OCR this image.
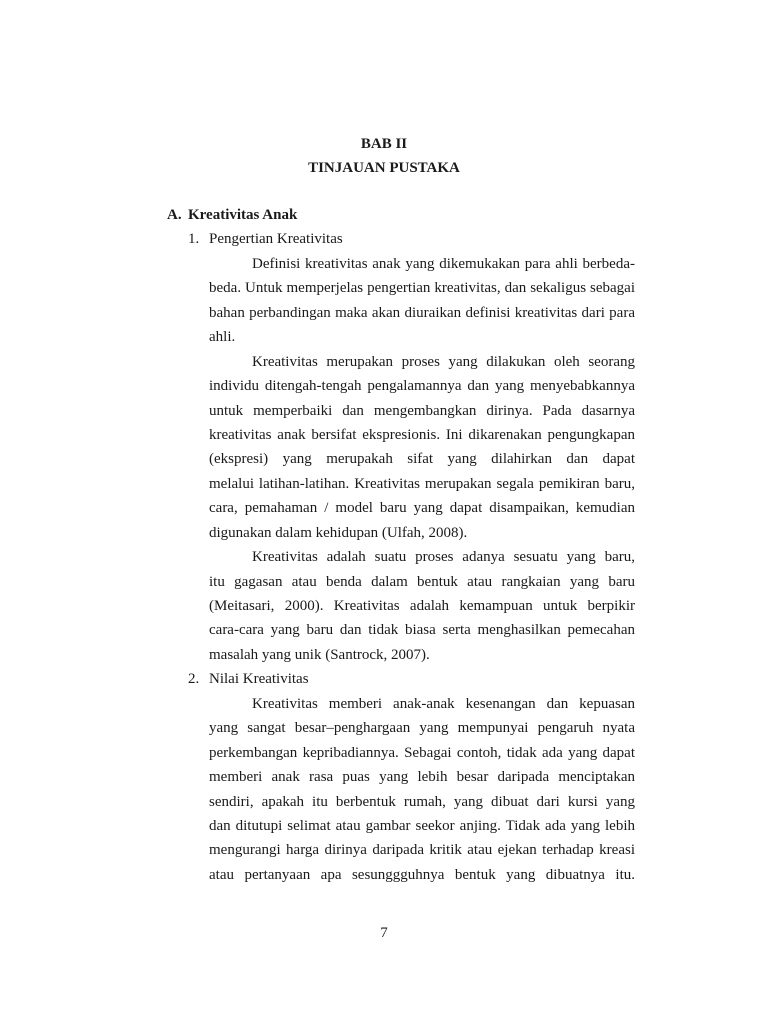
BAB II
TINJAUAN PUSTAKA
A. Kreativitas Anak
1. Pengertian Kreativitas
Definisi kreativitas anak yang dikemukakan para ahli berbeda-
beda. Untuk memperjelas pengertian kreativitas, dan sekaligus sebagai
bahan perbandingan maka akan diuraikan definisi kreativitas dari para
ahli.
Kreativitas merupakan proses yang dilakukan oleh seorang
individu ditengah-tengah pengalamannya dan yang menyebabkannya
untuk memperbaiki dan mengembangkan dirinya. Pada dasarnya
kreativitas anak bersifat ekspresionis. Ini dikarenakan pengungkapan
(ekspresi) yang merupakah sifat yang dilahirkan dan dapat
melalui latihan-latihan. Kreativitas merupakan segala pemikiran baru,
cara, pemahaman / model baru yang dapat disampaikan, kemudian
digunakan dalam kehidupan (Ulfah, 2008).
Kreativitas adalah suatu proses adanya sesuatu yang baru,
itu gagasan atau benda dalam bentuk atau rangkaian yang baru
(Meitasari, 2000). Kreativitas adalah kemampuan untuk berpikir
cara-cara yang baru dan tidak biasa serta menghasilkan pemecahan
masalah yang unik (Santrock, 2007).
2. Nilai Kreativitas
Kreativitas memberi anak-anak kesenangan dan kepuasan
yang sangat besar–penghargaan yang mempunyai pengaruh nyata
perkembangan kepribadiannya. Sebagai contoh, tidak ada yang dapat
memberi anak rasa puas yang lebih besar daripada menciptakan
sendiri, apakah itu berbentuk rumah, yang dibuat dari kursi yang
dan ditutupi selimat atau gambar seekor anjing. Tidak ada yang lebih
mengurangi harga dirinya daripada kritik atau ejekan terhadap kreasi
atau pertanyaan apa sesunggguhnya bentuk yang dibuatnya itu.
7
